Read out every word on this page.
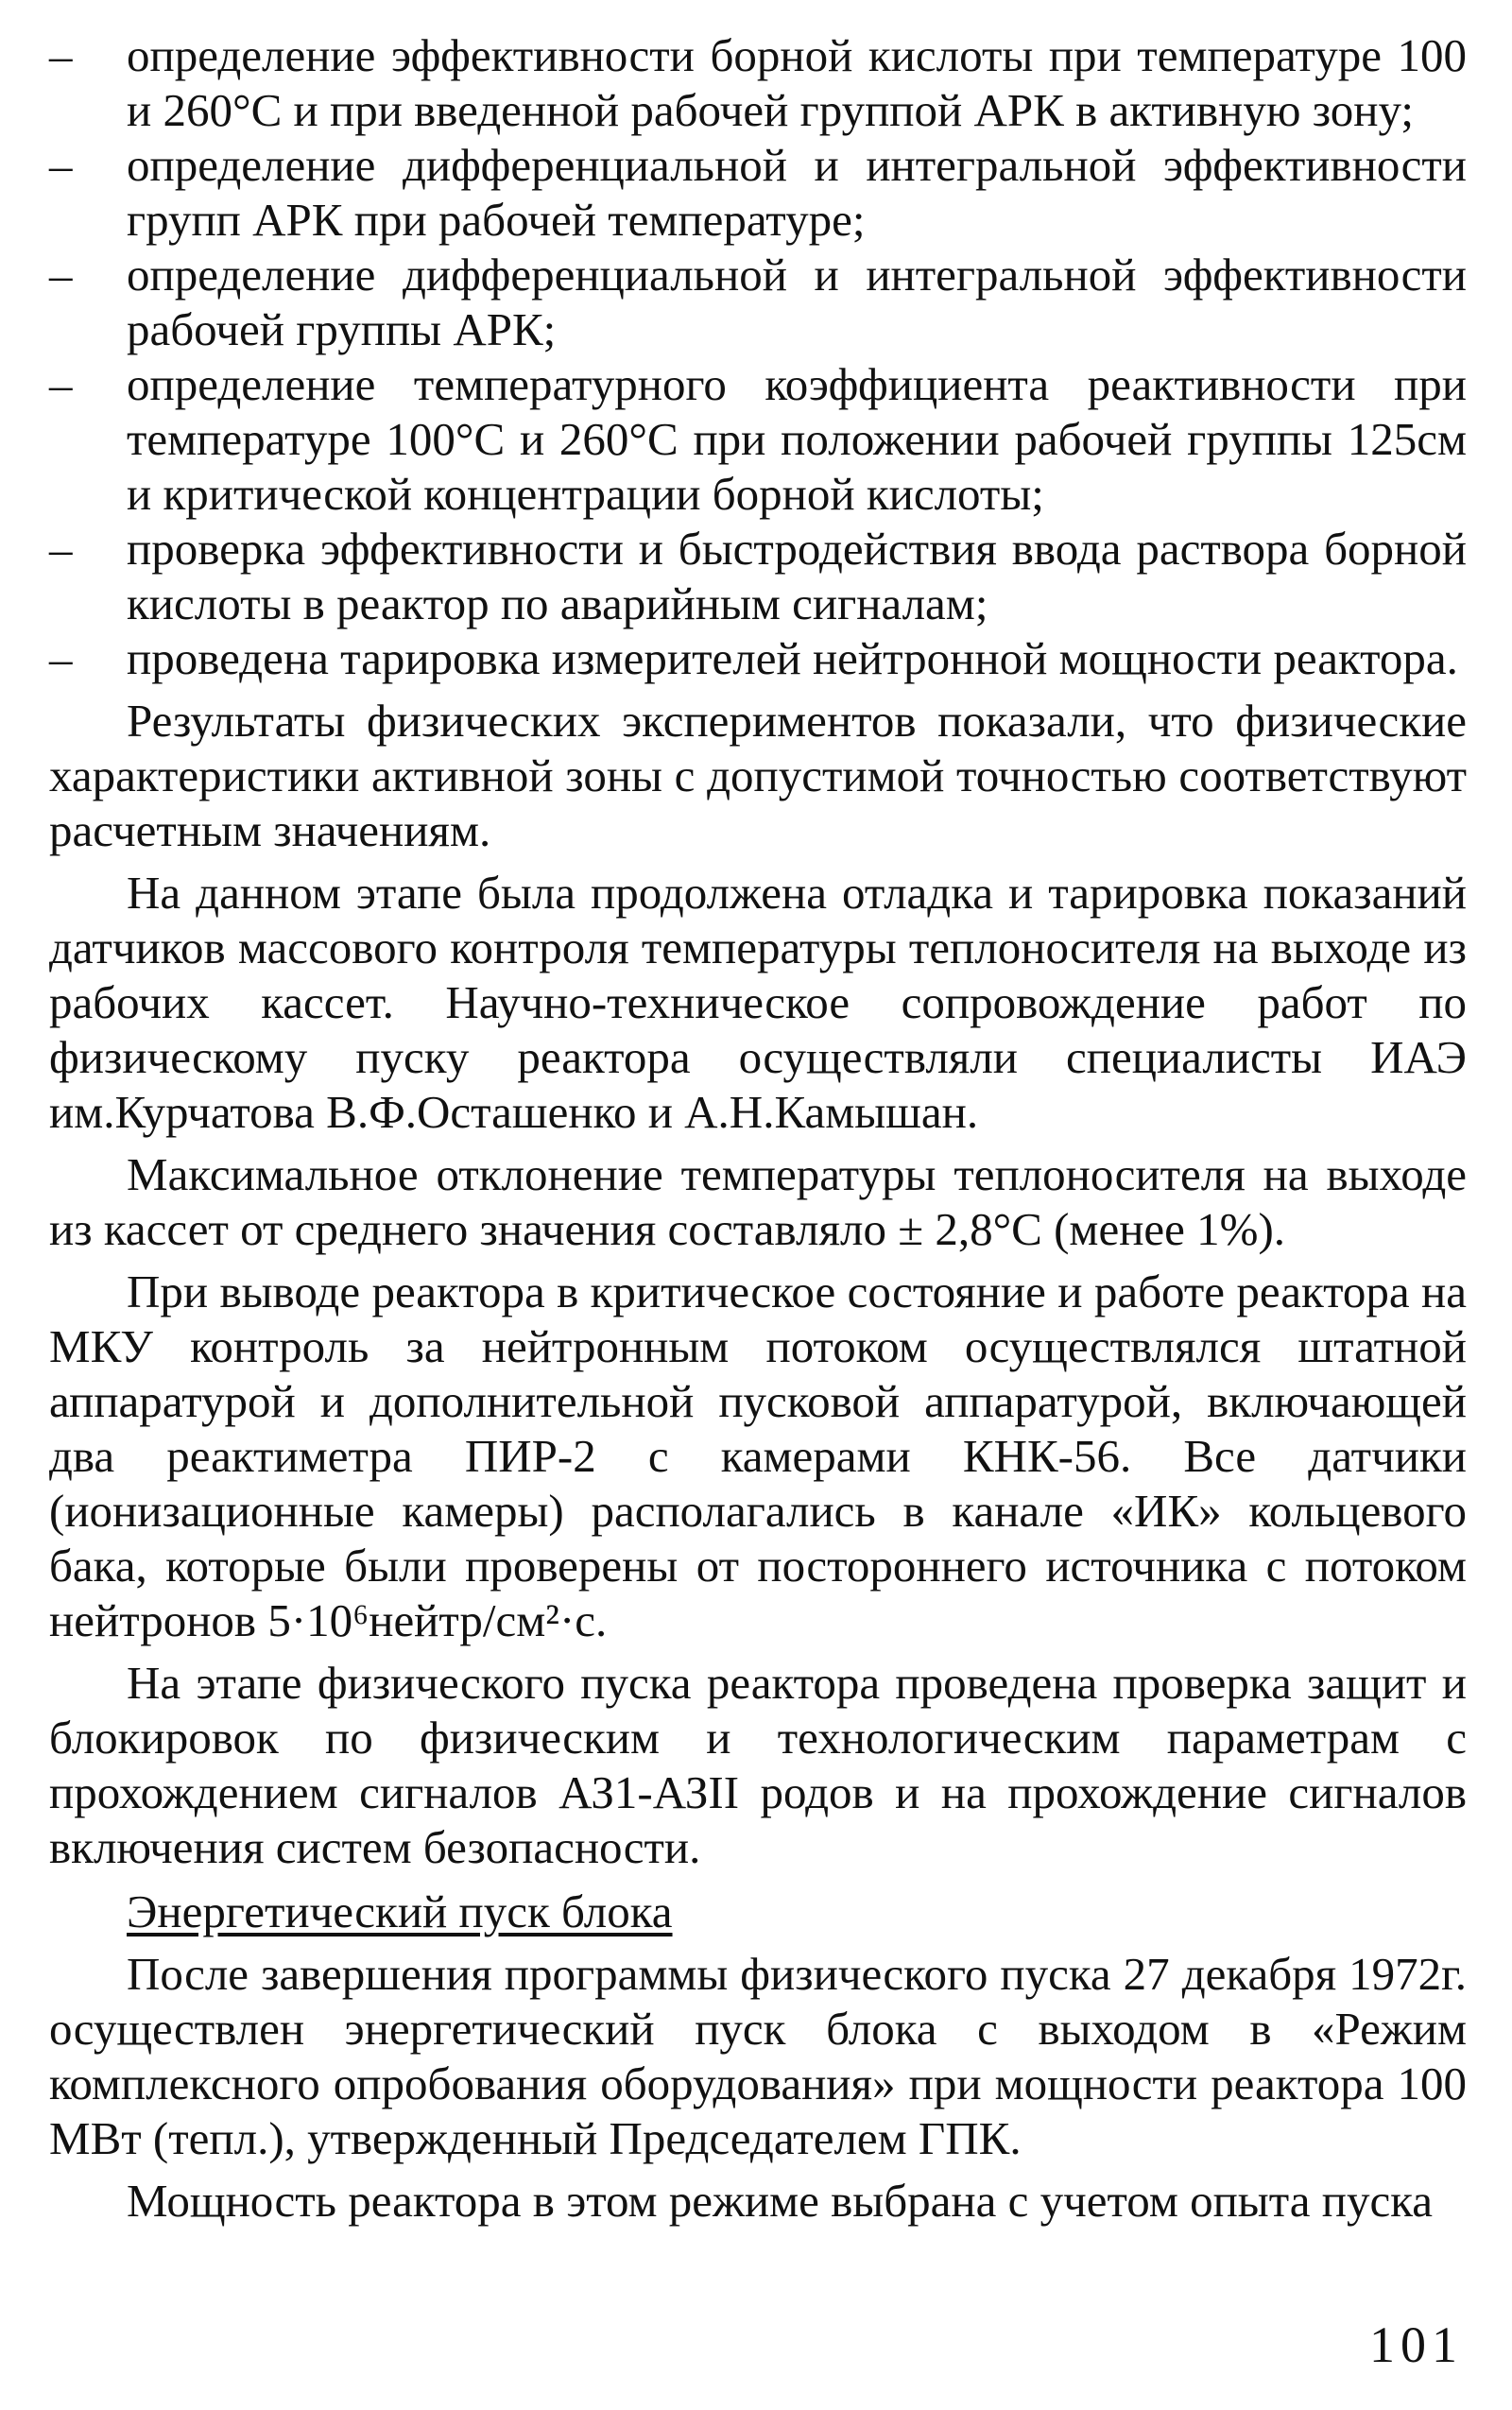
–	определение эффективности борной кислоты при температуре 100 и 260°С и при введенной рабочей группой АРК в активную зону;
–	определение дифференциальной и интегральной эффективности групп АРК при рабочей температуре;
–	определение дифференциальной и интегральной эффективности рабочей группы АРК;
–	определение температурного коэффициента реактивности при температуре 100°С и 260°С при положении рабочей группы 125см и критической концентрации борной кислоты;
–	проверка эффективности и быстродействия ввода раствора борной кислоты в реактор по аварийным сигналам;
–	проведена тарировка измерителей нейтронной мощности реактора.

Результаты физических экспериментов показали, что физические характеристики активной зоны с допустимой точностью соответствуют расчетным значениям.

На данном этапе была продолжена отладка и тарировка показаний датчиков массового контроля температуры теплоносителя на выходе из рабочих кассет. Научно-техническое сопровождение работ по физическому пуску реактора осуществляли специалисты ИАЭ им.Курчатова В.Ф.Осташенко и А.Н.Камышан.

Максимальное отклонение температуры теплоносителя на выходе из кассет от среднего значения составляло ± 2,8°С (менее 1%).

При выводе реактора в критическое состояние и работе реактора на МКУ контроль за нейтронным потоком осуществлялся штатной аппаратурой и дополнительной пусковой аппаратурой, включающей два реактиметра ПИР-2 с камерами КНК-56. Все датчики (ионизационные камеры) располагались в канале «ИК» кольцевого бака, которые были проверены от постороннего источника с потоком нейтронов 5·10⁶нейтр/см²·с.

На этапе физического пуска реактора проведена проверка защит и блокировок по физическим и технологическим параметрам с прохождением сигналов АЗ1-АЗII родов и на прохождение сигналов включения систем безопасности.

Энергетический пуск блока

После завершения программы физического пуска 27 декабря 1972г. осуществлен энергетический пуск блока с выходом в «Режим комплексного опробования оборудования» при мощности реактора 100 МВт (тепл.), утвержденный Председателем ГПК.

Мощность реактора в этом режиме выбрана с учетом опыта пуска

101
